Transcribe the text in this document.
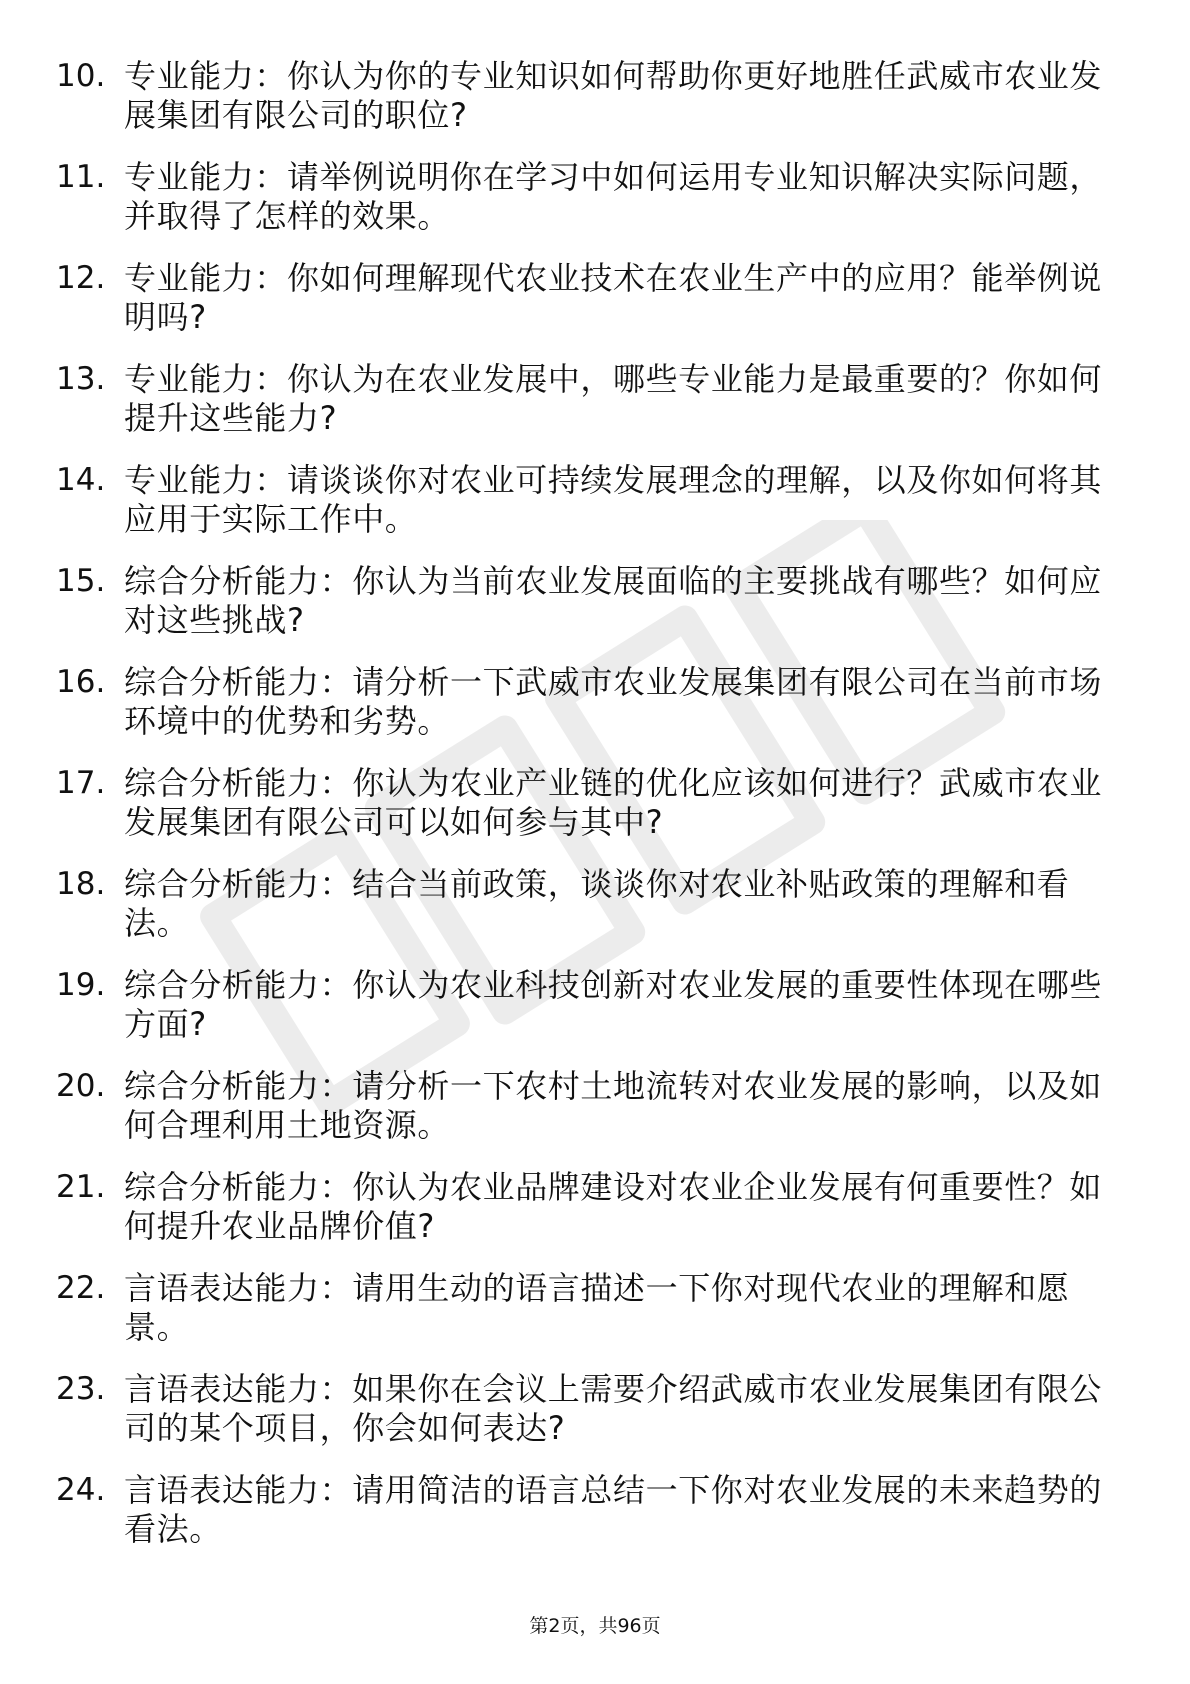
10. 专业能力：你认为你的专业知识如何帮助你更好地胜任武威市农业发展集团有限公司的职位?
11. 专业能力：请举例说明你在学习中如何运用专业知识解决实际问题，并取得了怎样的效果。
12. 专业能力：你如何理解现代农业技术在农业生产中的应用？能举例说明吗?
13. 专业能力：你认为在农业发展中，哪些专业能力是最重要的？你如何提升这些能力?
14. 专业能力：请谈谈你对农业可持续发展理念的理解，以及你如何将其应用于实际工作中。
15. 综合分析能力：你认为当前农业发展面临的主要挑战有哪些？如何应对这些挑战?
16. 综合分析能力：请分析一下武威市农业发展集团有限公司在当前市场环境中的优势和劣势。
17. 综合分析能力：你认为农业产业链的优化应该如何进行？武威市农业发展集团有限公司可以如何参与其中?
18. 综合分析能力：结合当前政策，谈谈你对农业补贴政策的理解和看法。
19. 综合分析能力：你认为农业科技创新对农业发展的重要性体现在哪些方面?
20. 综合分析能力：请分析一下农村土地流转对农业发展的影响，以及如何合理利用土地资源。
21. 综合分析能力：你认为农业品牌建设对农业企业发展有何重要性？如何提升农业品牌价值?
22. 言语表达能力：请用生动的语言描述一下你对现代农业的理解和愿景。
23. 言语表达能力：如果你在会议上需要介绍武威市农业发展集团有限公司的某个项目，你会如何表达?
24. 言语表达能力：请用简洁的语言总结一下你对农业发展的未来趋势的看法。
第2页，共96页
